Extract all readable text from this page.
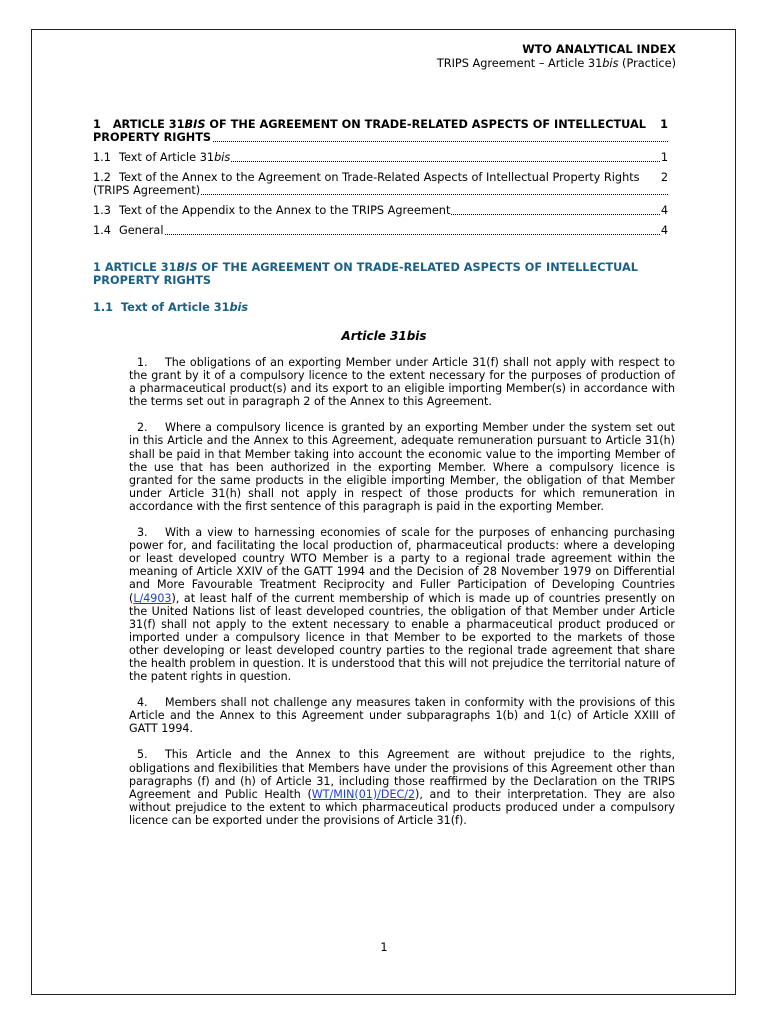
WTO ANALYTICAL INDEX
TRIPS Agreement – Article 31bis (Practice)
1
1 ARTICLE 31BIS OF THE AGREEMENT ON TRADE-RELATED ASPECTS OF INTELLECTUAL PROPERTY RIGHTS
1
1.1 Text of Article 31bis
2
1.2 Text of the Annex to the Agreement on Trade-Related Aspects of Intellectual Property Rights (TRIPS Agreement)
4
1.3 Text of the Appendix to the Annex to the TRIPS Agreement
4
1.4 General
1 ARTICLE 31BIS OF THE AGREEMENT ON TRADE-RELATED ASPECTS OF INTELLECTUAL PROPERTY RIGHTS
1.1 Text of Article 31bis
Article 31bis

1. The obligations of an exporting Member under Article 31(f) shall not apply with respect to the grant by it of a compulsory licence to the extent necessary for the purposes of production of a pharmaceutical product(s) and its export to an eligible importing Member(s) in accordance with the terms set out in paragraph 2 of the Annex to this Agreement.

2. Where a compulsory licence is granted by an exporting Member under the system set out in this Article and the Annex to this Agreement, adequate remuneration pursuant to Article 31(h) shall be paid in that Member taking into account the economic value to the importing Member of the use that has been authorized in the exporting Member. Where a compulsory licence is granted for the same products in the eligible importing Member, the obligation of that Member under Article 31(h) shall not apply in respect of those products for which remuneration in accordance with the first sentence of this paragraph is paid in the exporting Member.

3. With a view to harnessing economies of scale for the purposes of enhancing purchasing power for, and facilitating the local production of, pharmaceutical products: where a developing or least developed country WTO Member is a party to a regional trade agreement within the meaning of Article XXIV of the GATT 1994 and the Decision of 28 November 1979 on Differential and More Favourable Treatment Reciprocity and Fuller Participation of Developing Countries (L/4903), at least half of the current membership of which is made up of countries presently on the United Nations list of least developed countries, the obligation of that Member under Article 31(f) shall not apply to the extent necessary to enable a pharmaceutical product produced or imported under a compulsory licence in that Member to be exported to the markets of those other developing or least developed country parties to the regional trade agreement that share the health problem in question. It is understood that this will not prejudice the territorial nature of the patent rights in question.

4. Members shall not challenge any measures taken in conformity with the provisions of this Article and the Annex to this Agreement under subparagraphs 1(b) and 1(c) of Article XXIII of GATT 1994.

5. This Article and the Annex to this Agreement are without prejudice to the rights, obligations and flexibilities that Members have under the provisions of this Agreement other than paragraphs (f) and (h) of Article 31, including those reaffirmed by the Declaration on the TRIPS Agreement and Public Health (WT/MIN(01)/DEC/2), and to their interpretation. They are also without prejudice to the extent to which pharmaceutical products produced under a compulsory licence can be exported under the provisions of Article 31(f).

1
